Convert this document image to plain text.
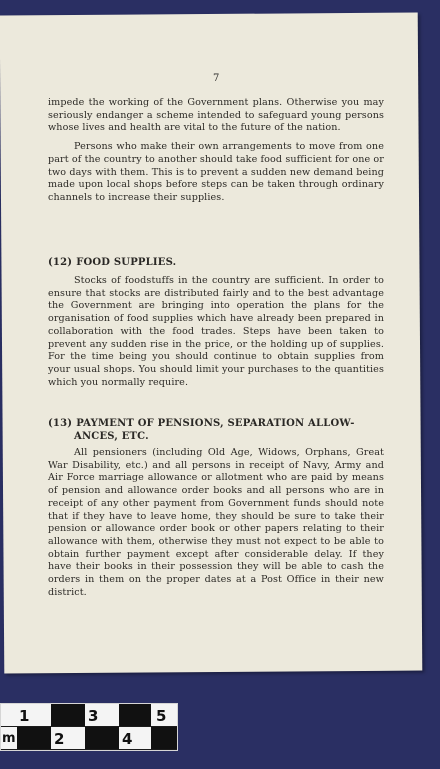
7

impede the working of the Government plans. Otherwise you may seriously endanger a scheme intended to safeguard young persons whose lives and health are vital to the future of the nation.

Persons who make their own arrangements to move from one part of the country to another should take food sufficient for one or two days with them. This is to prevent a sudden new demand being made upon local shops before steps can be taken through ordinary channels to increase their supplies.

(12) FOOD SUPPLIES.

Stocks of foodstuffs in the country are sufficient. In order to ensure that stocks are distributed fairly and to the best advantage the Government are bringing into operation the plans for the organisation of food supplies which have already been prepared in collaboration with the food trades. Steps have been taken to prevent any sudden rise in the price, or the holding up of supplies. For the time being you should continue to obtain supplies from your usual shops. You should limit your purchases to the quantities which you normally require.

(13) PAYMENT OF PENSIONS, SEPARATION ALLOW-
ANCES, ETC.

All pensioners (including Old Age, Widows, Orphans, Great War Disability, etc.) and all persons in receipt of Navy, Army and Air Force marriage allowance or allotment who are paid by means of pension and allowance order books and all persons who are in receipt of any other payment from Government funds should note that if they have to leave home, they should be sure to take their pension or allowance order book or other papers relating to their allowance with them, otherwise they must not expect to be able to obtain further payment except after considerable delay. If they have their books in their possession they will be able to cash the orders in them on the proper dates at a Post Office in their new district.

1	3	5
m	2	4
